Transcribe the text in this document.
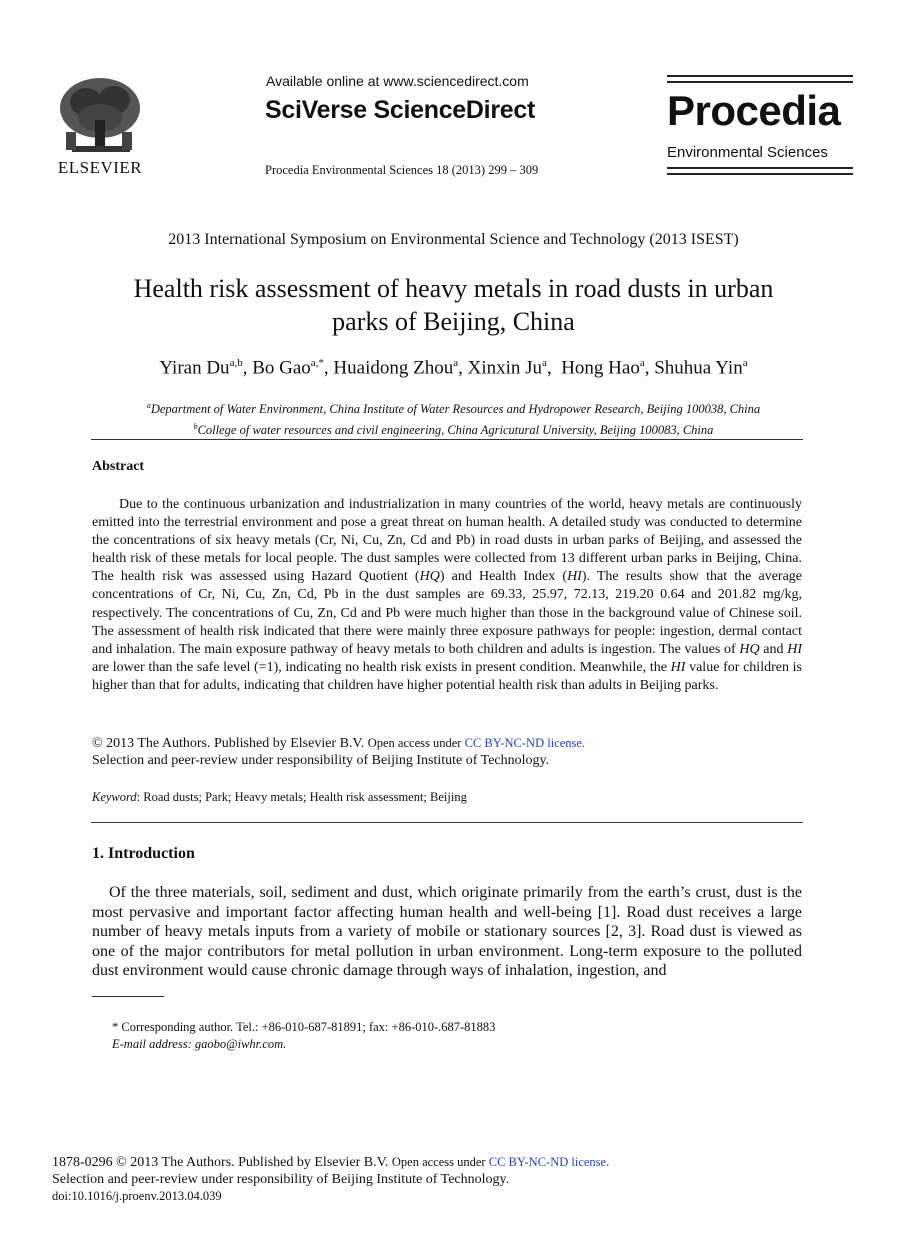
ELSEVIER
Available online at www.sciencedirect.com
SciVerse ScienceDirect
Procedia Environmental Sciences 18 (2013) 299 – 309
Procedia
Environmental Sciences
2013 International Symposium on Environmental Science and Technology (2013 ISEST)
Health risk assessment of heavy metals in road dusts in urban
parks of Beijing, China
Yiran Du$^{a,b}$, Bo Gao$^{a,*}$, Huaidong Zhou$^a$, Xinxin Ju$^a$,  Hong Hao$^a$, Shuhua Yin$^a$
$^a$Department of Water Environment, China Institute of Water Resources and Hydropower Research, Beijing 100038, China
$^b$College of water resources and civil engineering, China Agricutural University, Beijing 100083, China
Abstract
Due to the continuous urbanization and industrialization in many countries of the world, heavy metals are continuously emitted into the terrestrial environment and pose a great threat on human health. A detailed study was conducted to determine the concentrations of six heavy metals (Cr, Ni, Cu, Zn, Cd and Pb) in road dusts in urban parks of Beijing, and assessed the health risk of these metals for local people. The dust samples were collected from 13 different urban parks in Beijing, China. The health risk was assessed using Hazard Quotient (HQ) and Health Index (HI). The results show that the average concentrations of Cr, Ni, Cu, Zn, Cd, Pb in the dust samples are 69.33, 25.97, 72.13, 219.20 0.64 and 201.82 mg/kg, respectively. The concentrations of Cu, Zn, Cd and Pb were much higher than those in the background value of Chinese soil. The assessment of health risk indicated that there were mainly three exposure pathways for people: ingestion, dermal contact and inhalation. The main exposure pathway of heavy metals to both children and adults is ingestion. The values of HQ and HI are lower than the safe level (=1), indicating no health risk exists in present condition. Meanwhile, the HI value for children is higher than that for adults, indicating that children have higher potential health risk than adults in Beijing parks.
© 2013 The Authors. Published by Elsevier B.V. Open access under CC BY-NC-ND license.
Selection and peer-review under responsibility of Beijing Institute of Technology.
Keyword: Road dusts; Park; Heavy metals; Health risk assessment; Beijing
1. Introduction
Of the three materials, soil, sediment and dust, which originate primarily from the earth’s crust, dust is the most pervasive and important factor affecting human health and well-being [1]. Road dust receives a large number of heavy metals inputs from a variety of mobile or stationary sources [2, 3]. Road dust is viewed as one of the major contributors for metal pollution in urban environment. Long-term exposure to the polluted dust environment would cause chronic damage through ways of inhalation, ingestion, and
* Corresponding author. Tel.: +86-010-687-81891; fax: +86-010-.687-81883
E-mail address: gaobo@iwhr.com.
1878-0296 © 2013 The Authors. Published by Elsevier B.V. Open access under CC BY-NC-ND license.
Selection and peer-review under responsibility of Beijing Institute of Technology.
doi:10.1016/j.proenv.2013.04.039
